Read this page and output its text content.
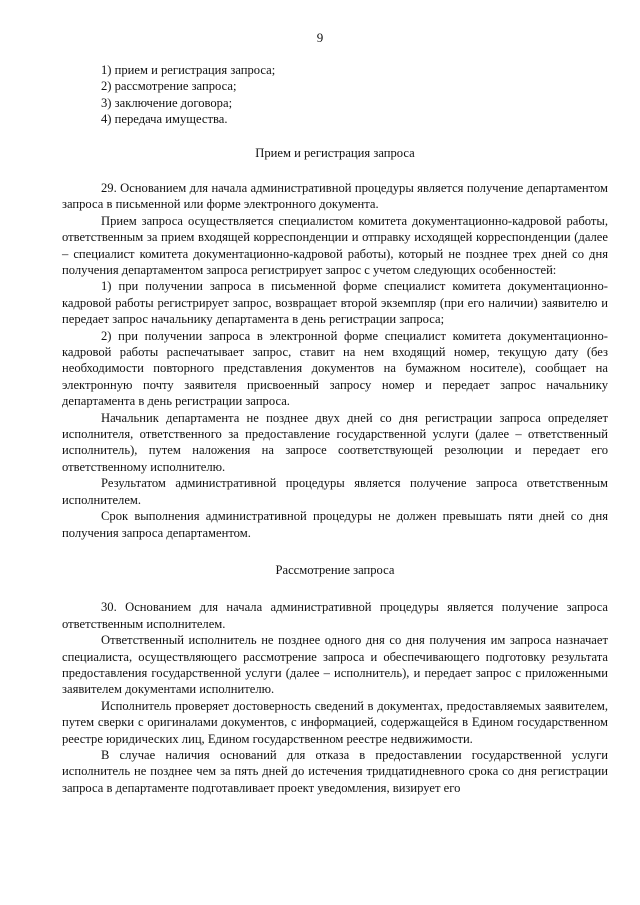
9
1) прием и регистрация запроса;
2) рассмотрение запроса;
3) заключение договора;
4) передача имущества.
Прием и регистрация запроса

29. Основанием для начала административной процедуры является получение департаментом запроса в письменной или форме электронного документа.

Прием запроса осуществляется специалистом комитета документационно-кадровой работы, ответственным за прием входящей корреспонденции и отправку исходящей корреспонденции (далее – специалист комитета документационно-кадровой работы), который не позднее трех дней со дня получения департаментом запроса регистрирует запрос с учетом следующих особенностей:

1) при получении запроса в письменной форме специалист комитета документационно-кадровой работы регистрирует запрос, возвращает второй экземпляр (при его наличии) заявителю и передает запрос начальнику департамента в день регистрации запроса;

2) при получении запроса в электронной форме специалист комитета документационно-кадровой работы распечатывает запрос, ставит на нем входящий номер, текущую дату (без необходимости повторного представления документов на бумажном носителе), сообщает на электронную почту заявителя присвоенный запросу номер и передает запрос начальнику департамента в день регистрации запроса.

Начальник департамента не позднее двух дней со дня регистрации запроса определяет исполнителя, ответственного за предоставление государственной услуги (далее – ответственный исполнитель), путем наложения на запросе соответствующей резолюции и передает его ответственному исполнителю.

Результатом административной процедуры является получение запроса ответственным исполнителем.

Срок выполнения административной процедуры не должен превышать пяти дней со дня получения запроса департаментом.

Рассмотрение запроса

30. Основанием для начала административной процедуры является получение запроса ответственным исполнителем.

Ответственный исполнитель не позднее одного дня со дня получения им запроса назначает специалиста, осуществляющего рассмотрение запроса и обеспечивающего подготовку результата предоставления государственной услуги (далее – исполнитель), и передает запрос с приложенными заявителем документами исполнителю.

Исполнитель проверяет достоверность сведений в документах, предоставляемых заявителем, путем сверки с оригиналами документов, с информацией, содержащейся в Едином государственном реестре юридических лиц, Едином государственном реестре недвижимости.

В случае наличия оснований для отказа в предоставлении государственной услуги исполнитель не позднее чем за пять дней до истечения тридцатидневного срока со дня регистрации запроса в департаменте подготавливает проект уведомления, визирует его
